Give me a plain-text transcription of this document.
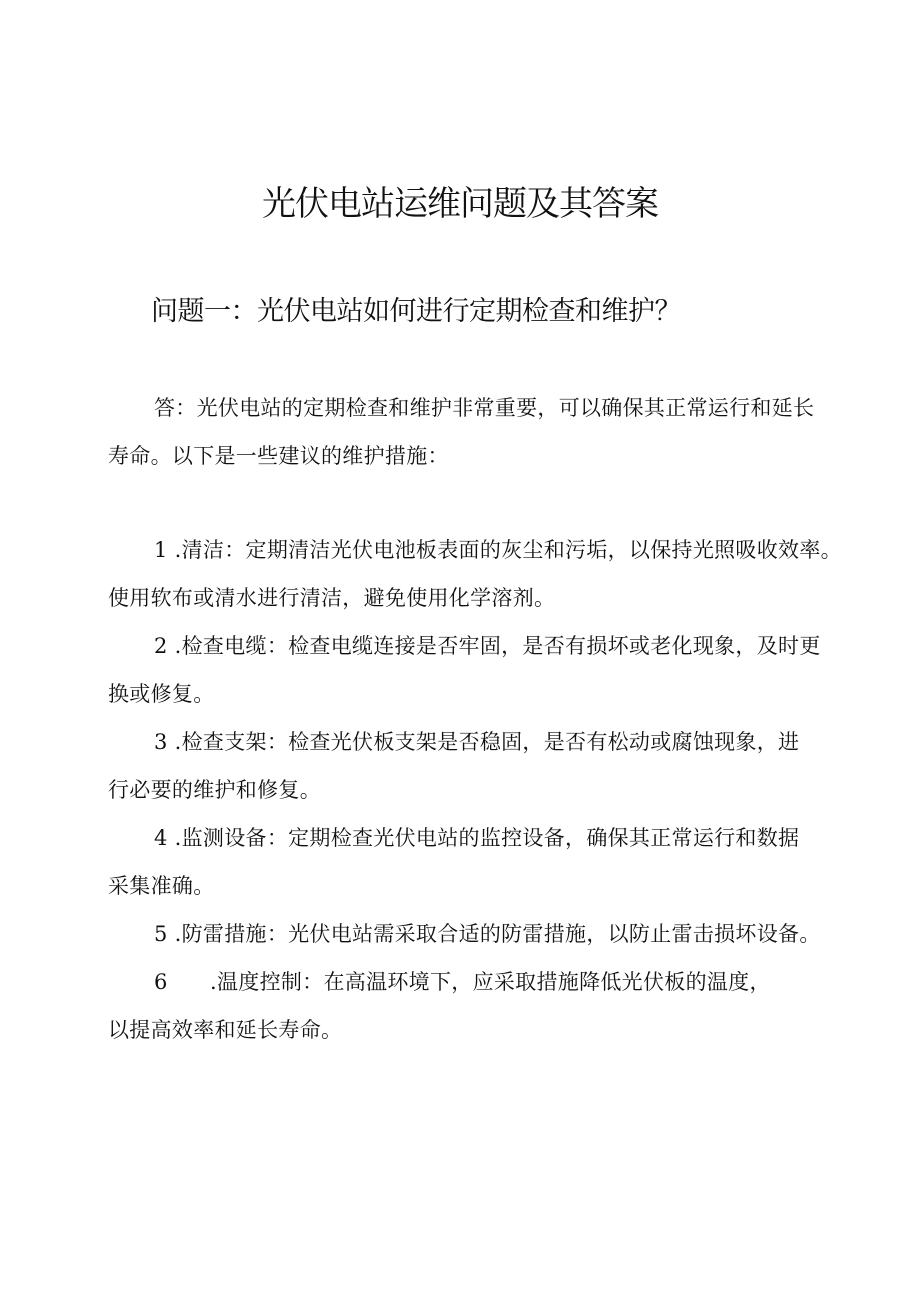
光伏电站运维问题及其答案
问题一：光伏电站如何进行定期检查和维护？

答：光伏电站的定期检查和维护非常重要，可以确保其正常运行和延长
寿命。以下是一些建议的维护措施：

1 .清洁：定期清洁光伏电池板表面的灰尘和污垢，以保持光照吸收效率。
使用软布或清水进行清洁，避免使用化学溶剂。
2 .检查电缆：检查电缆连接是否牢固，是否有损坏或老化现象，及时更
换或修复。
3 .检查支架：检查光伏板支架是否稳固，是否有松动或腐蚀现象，进
行必要的维护和修复。
4 .监测设备：定期检查光伏电站的监控设备，确保其正常运行和数据
采集准确。
5 .防雷措施：光伏电站需采取合适的防雷措施，以防止雷击损坏设备。
6 .温度控制：在高温环境下，应采取措施降低光伏板的温度，
以提高效率和延长寿命。
